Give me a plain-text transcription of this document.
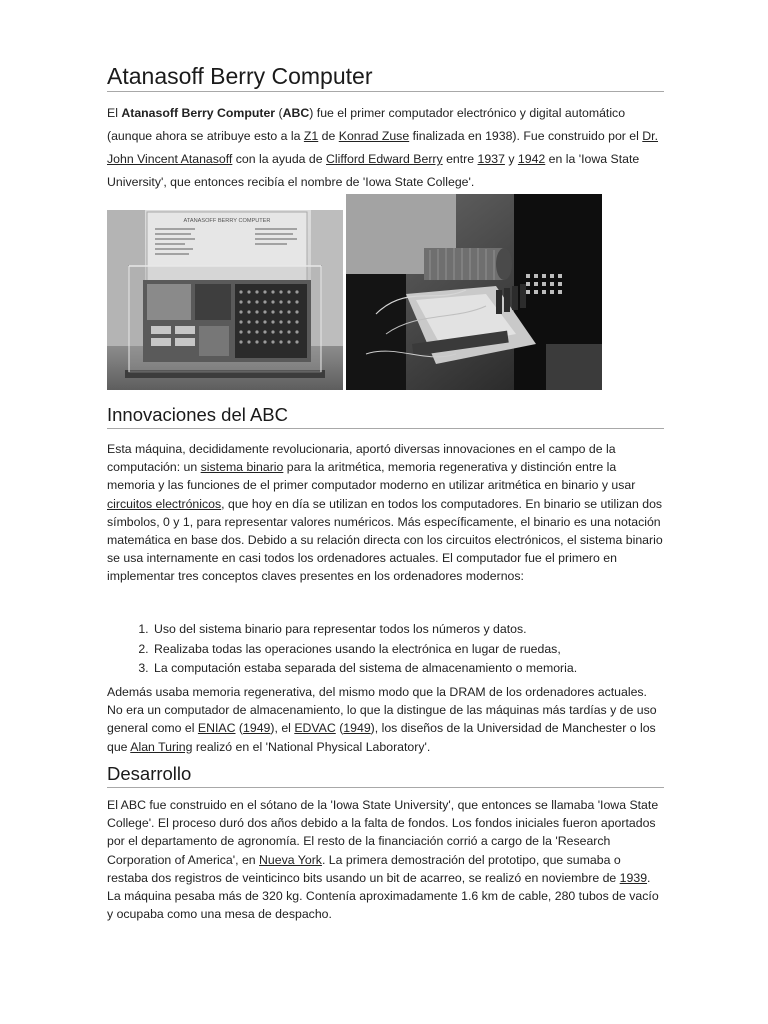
Atanasoff Berry Computer

El Atanasoff Berry Computer (ABC) fue el primer computador electrónico y digital automático (aunque ahora se atribuye esto a la Z1 de Konrad Zuse finalizada en 1938). Fue construido por el Dr. John Vincent Atanasoff con la ayuda de Clifford Edward Berry entre 1937 y 1942 en la 'Iowa State University', que entonces recibía el nombre de 'Iowa State College'.

Innovaciones del ABC

Esta máquina, decididamente revolucionaria, aportó diversas innovaciones en el campo de la computación: un sistema binario para la aritmética, memoria regenerativa y distinción entre la memoria y las funciones de el primer computador moderno en utilizar aritmética en binario y usar circuitos electrónicos, que hoy en día se utilizan en todos los computadores. En binario se utilizan dos símbolos, 0 y 1, para representar valores numéricos. Más específicamente, el binario es una notación matemática en base dos. Debido a su relación directa con los circuitos electrónicos, el sistema binario se usa internamente en casi todos los ordenadores actuales. El computador fue el primero en implementar tres conceptos claves presentes en los ordenadores modernos:

1. Uso del sistema binario para representar todos los números y datos.
2. Realizaba todas las operaciones usando la electrónica en lugar de ruedas,
3. La computación estaba separada del sistema de almacenamiento o memoria.

Además usaba memoria regenerativa, del mismo modo que la DRAM de los ordenadores actuales. No era un computador de almacenamiento, lo que la distingue de las máquinas más tardías y de uso general como el ENIAC (1949), el EDVAC (1949), los diseños de la Universidad de Manchester o los que Alan Turing realizó en el 'National Physical Laboratory'.

Desarrollo

El ABC fue construido en el sótano de la 'Iowa State University', que entonces se llamaba 'Iowa State College'. El proceso duró dos años debido a la falta de fondos. Los fondos iniciales fueron aportados por el departamento de agronomía. El resto de la financiación corrió a cargo de la 'Research Corporation of America', en Nueva York. La primera demostración del prototipo, que sumaba o restaba dos registros de veinticinco bits usando un bit de acarreo, se realizó en noviembre de 1939. La máquina pesaba más de 320 kg. Contenía aproximadamente 1.6 km de cable, 280 tubos de vacío y ocupaba como una mesa de despacho.

ATANASOFF BERRY COMPUTER
